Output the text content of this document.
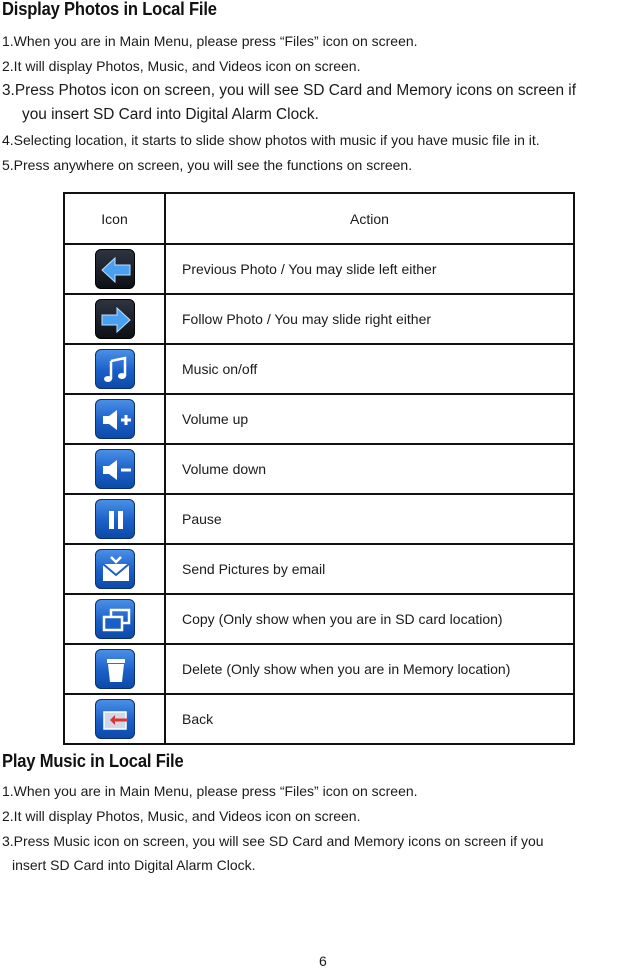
Display Photos in Local File
1.When you are in Main Menu, please press “Files” icon on screen.
2.It will display Photos, Music, and Videos icon on screen.
3.Press Photos icon on screen, you will see SD Card and Memory icons on screen if
you insert SD Card into Digital Alarm Clock.
4.Selecting location, it starts to slide show photos with music if you have music file in it.
5.Press anywhere on screen, you will see the functions on screen.
Icon	Action

	Previous Photo / You may slide left either

	Follow Photo / You may slide right either

	Music on/off

	Volume up

	Volume down

	Pause

	Send Pictures by email

	Copy (Only show when you are in SD card location)

	Delete (Only show when you are in Memory location)

	Back
Play Music in Local File
1.When you are in Main Menu, please press “Files” icon on screen.
2.It will display Photos, Music, and Videos icon on screen.
3.Press Music icon on screen, you will see SD Card and Memory icons on screen if you
insert SD Card into Digital Alarm Clock.
6
